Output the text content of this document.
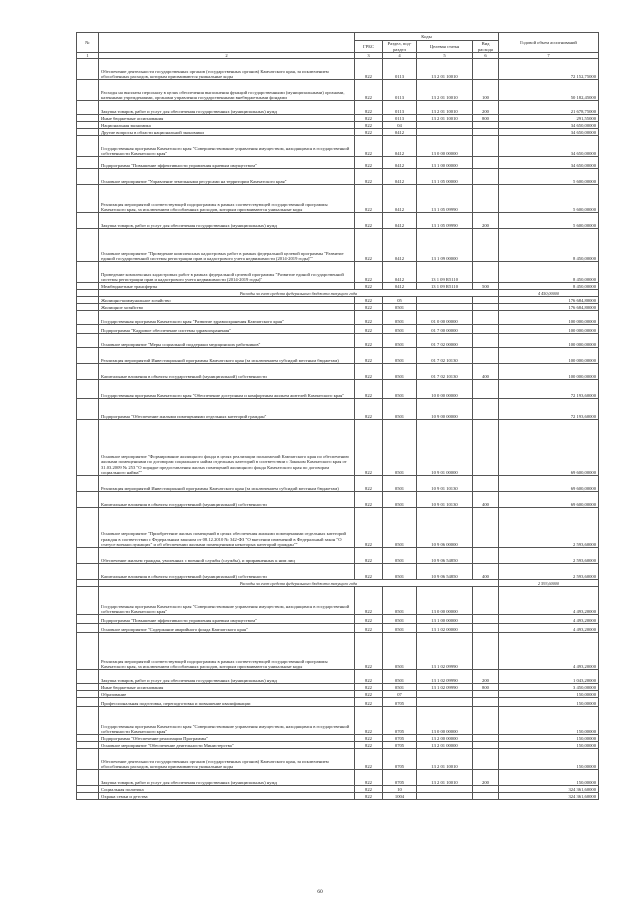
№		Коды				Годовой объем ассигнований
		ГРБС	Раздел, под-раздел	Целевая статья	Вид расхода	
1	2	3	4	5	6	7
	Обеспечение деятельности государственных органов (государственных органов) Камчатского края, за исключением обособленных расходов, которым присваиваются уникальные коды	822	0113	13 2 01 10010		72 152,75000
	Расходы на выплаты персоналу в целях обеспечения выполнения функций государственными (муниципальными) органами, казенными учреждениями, органами управления государственными внебюджетными фондами	822	0113	13 2 01 10010	100	50 182,45000
	Закупка товаров, работ и услуг для обеспечения государственных (муниципальных) нужд	822	0113	13 2 01 10010	200	21 678,75000
	Иные бюджетные ассигнования	822	0113	13 2 01 10010	800	291,55000
	Национальная экономика	822	04			34 650,00000
	Другие вопросы в области национальной экономики	822	0412			34 650,00000
	Государственная программа Камчатского края "Совершенствование управления имуществом, находящимся в государственной собственности Камчатского края"	822	0412	13 0 00 00000		34 650,00000
	Подпрограмма "Повышение эффективности управления краевым имуществом"	822	0412	13 1 00 00000		34 650,00000
	Основное мероприятие "Управление земельными ресурсами на территории Камчатского края"	822	0412	13 1 05 00000		5 600,00000
	Реализация мероприятий соответствующей подпрограммы в рамках соответствующей государственной программы Камчатского края, за исключением обособленных расходов, которым присваиваются уникальные коды	822	0412	13 1 05 09990		5 600,00000
	Закупка товаров, работ и услуг для обеспечения государственных (муниципальных) нужд	822	0412	13 1 05 09990	200	5 600,00000
	Основное мероприятие "Проведение комплексных кадастровых работ в рамках федеральной целевой программы "Развитие единой государственной системы регистрации прав и кадастрового учета недвижимости (2014-2019 годы)""	822	0412	13 1 09 00000		8 450,00000
	Проведение комплексных кадастровых работ в рамках федеральной целевой программы "Развитие единой государственной системы регистрации прав и кадастрового учета недвижимости (2014-2019 годы)"	822	0412	13 1 09 R5110		8 450,00000
	Межбюджетные трансферты	822	0412	13 1 09 R5110	500	8 450,00000
	Расходы за счет средств федерального бюджета текущего года					4 450,00000
	Жилищно-коммунальное хозяйство	822	05			176 684,80000
	Жилищное хозяйство	822	0501			176 684,80000
	Государственная программа Камчатского края "Развитие здравоохранения Камчатского края"	822	0501	01 0 00 00000		100 000,00000
	Подпрограмма "Кадровое обеспечение системы здравоохранения"	822	0501	01 7 00 00000		100 000,00000
	Основное мероприятие "Меры социальной поддержки медицинских работников"	822	0501	01 7 02 00000		100 000,00000
	Реализация мероприятий Инвестиционной программы Камчатского края (за исключением субсидий местным бюджетам)	822	0501	01 7 02 10130		100 000,00000
	Капитальные вложения в объекты государственной (муниципальной) собственности	822	0501	01 7 02 10130	400	100 000,00000
	Государственная программа Камчатского края "Обеспечение доступным и комфортным жильем жителей Камчатского края"	822	0501	10 0 00 00000		72 193,60000
	Подпрограмма "Обеспечение жилыми помещениями отдельных категорий граждан"	822	0501	10 9 00 00000		72 193,60000
	Основное мероприятие "Формирование жилищного фонда в целях реализации полномочий Камчатского края по обеспечению жилыми помещениями по договорам социального найма отдельных категорий в соответствии с Законом Камчатского края от 31.03.2009 № 253 "О порядке предоставления жилых помещений жилищного фонда Камчатского края по договорам социального найма""	822	0501	10 9 01 00000		69 600,00000
	Реализация мероприятий Инвестиционной программы Камчатского края (за исключением субсидий местным бюджетам)	822	0501	10 9 01 10130		69 600,00000
	Капитальные вложения в объекты государственной (муниципальной) собственности	822	0501	10 9 01 10130	400	69 600,00000
	Основное мероприятие "Приобретение жилых помещений в целях обеспечения жилыми помещениями отдельных категорий граждан в соответствии с Федеральным законом от 08.12.2010 № 342-ФЗ "О внесении изменений в Федеральный закон "О статусе военнослужащих" и об обеспечении жилыми помещениями некоторых категорий граждан""	822	0501	10 9 06 00000		2 593,60000
	Обеспечение жильем граждан, уволенных с военной службы (службы), и приравненных к ним лиц	822	0501	10 9 06 54850		2 593,60000
	Капитальные вложения в объекты государственной (муниципальной) собственности	822	0501	10 9 06 54850	400	2 593,60000
	Расходы за счет средств федерального бюджета текущего года					2 593,60000
	Государственная программа Камчатского края "Совершенствование управления имуществом, находящимся в государственной собственности Камчатского края"	822	0501	13 0 00 00000		4 493,20000
	Подпрограмма "Повышение эффективности управления краевым имуществом"	822	0501	13 1 00 00000		4 493,20000
	Основное мероприятие "Содержание аварийного фонда Камчатского края"	822	0501	13 1 02 00000		4 493,20000
	Реализация мероприятий соответствующей подпрограммы в рамках соответствующей государственной программы Камчатского края, за исключением обособленных расходов, которым присваиваются уникальные коды	822	0501	13 1 02 09990		4 493,20000
	Закупка товаров, работ и услуг для обеспечения государственных (муниципальных) нужд	822	0501	13 1 02 09990	200	1 043,20000
	Иные бюджетные ассигнования	822	0501	13 1 02 09990	800	3 450,00000
	Образование	822	07			150,00000
	Профессиональная подготовка, переподготовка и повышение квалификации	822	0705			150,00000
	Государственная программа Камчатского края "Совершенствование управления имуществом, находящимся в государственной собственности Камчатского края"	822	0705	13 0 00 00000		150,00000
	Подпрограмма "Обеспечение реализации Программы"	822	0705	13 2 00 00000		150,00000
	Основное мероприятие "Обеспечение деятельности Министерства"	822	0705	13 2 01 00000		150,00000
	Обеспечение деятельности государственных органов (государственных органов) Камчатского края, за исключением обособленных расходов, которым присваиваются уникальные коды	822	0705	13 2 01 10010		150,00000
	Закупка товаров, работ и услуг для обеспечения государственных (муниципальных) нужд	822	0705	13 2 01 10010	200	150,00000
	Социальная политика	822	10			324 361,60000
	Охрана семьи и детства	822	1004			324 361,60000
60
